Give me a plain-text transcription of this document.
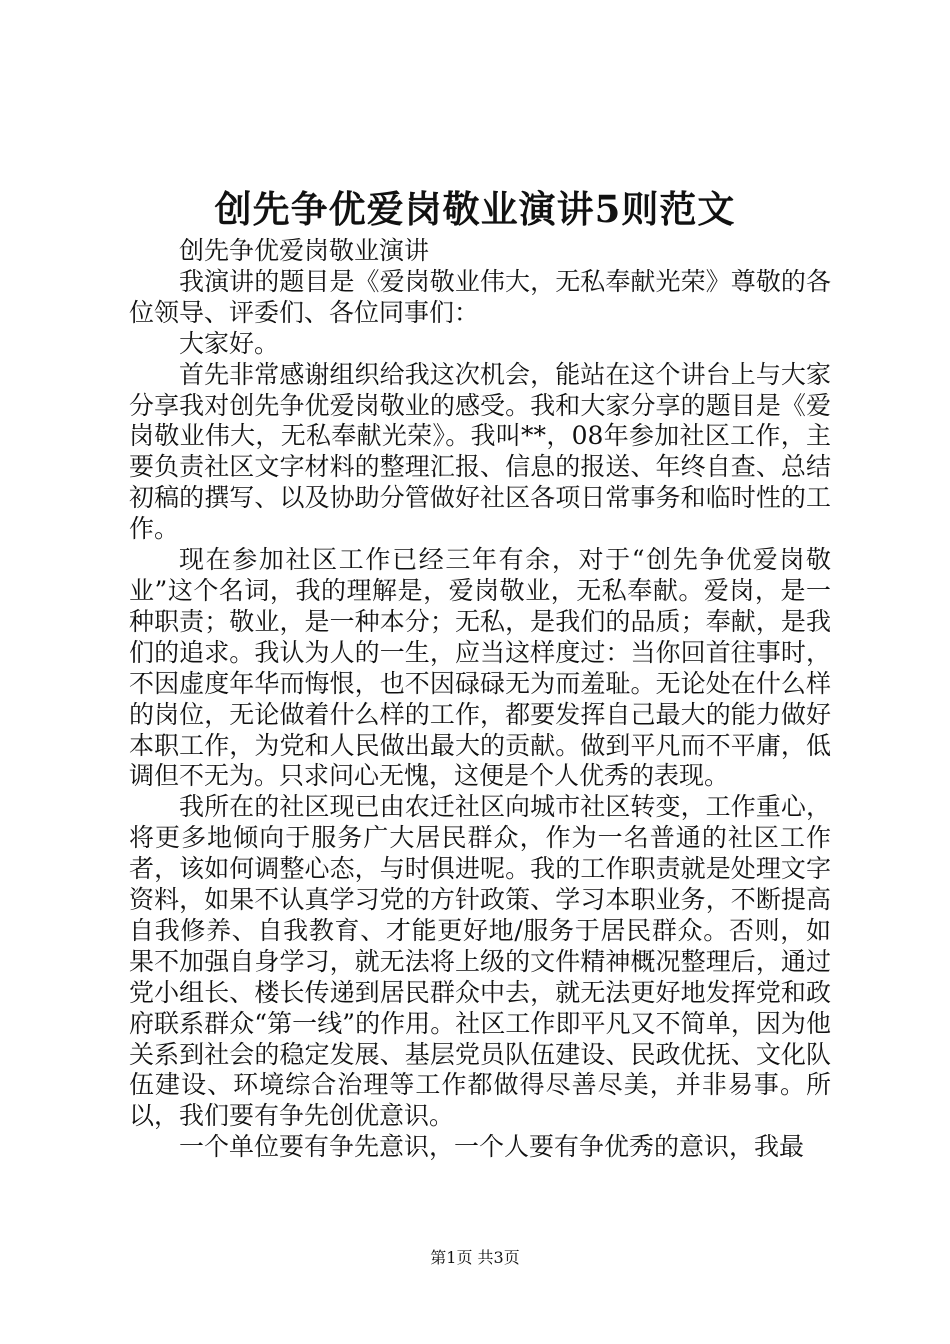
创先争优爱岗敬业演讲5则范文

创先争优爱岗敬业演讲

我演讲的题目是《爱岗敬业伟大，无私奉献光荣》尊敬的各位领导、评委们、各位同事们：

大家好。

首先非常感谢组织给我这次机会，能站在这个讲台上与大家分享我对创先争优爱岗敬业的感受。我和大家分享的题目是《爱岗敬业伟大，无私奉献光荣》。我叫**，08年参加社区工作，主要负责社区文字材料的整理汇报、信息的报送、年终自查、总结初稿的撰写、以及协助分管做好社区各项日常事务和临时性的工作。

现在参加社区工作已经三年有余，对于“创先争优爱岗敬业”这个名词，我的理解是，爱岗敬业，无私奉献。爱岗，是一种职责；敬业，是一种本分；无私，是我们的品质；奉献，是我们的追求。我认为人的一生，应当这样度过：当你回首往事时，不因虚度年华而悔恨，也不因碌碌无为而羞耻。无论处在什么样的岗位，无论做着什么样的工作，都要发挥自己最大的能力做好本职工作，为党和人民做出最大的贡献。做到平凡而不平庸，低调但不无为。只求问心无愧，这便是个人优秀的表现。

我所在的社区现已由农迁社区向城市社区转变，工作重心，将更多地倾向于服务广大居民群众，作为一名普通的社区工作者，该如何调整心态，与时俱进呢。我的工作职责就是处理文字资料，如果不认真学习党的方针政策、学习本职业务，不断提高自我修养、自我教育、才能更好地/服务于居民群众。否则，如果不加强自身学习，就无法将上级的文件精神概况整理后，通过党小组长、楼长传递到居民群众中去，就无法更好地发挥党和政府联系群众“第一线”的作用。社区工作即平凡又不简单，因为他关系到社会的稳定发展、基层党员队伍建设、民政优抚、文化队伍建设、环境综合治理等工作都做得尽善尽美，并非易事。所以，我们要有争先创优意识。

一个单位要有争先意识，一个人要有争优秀的意识，我最

第1页 共3页
